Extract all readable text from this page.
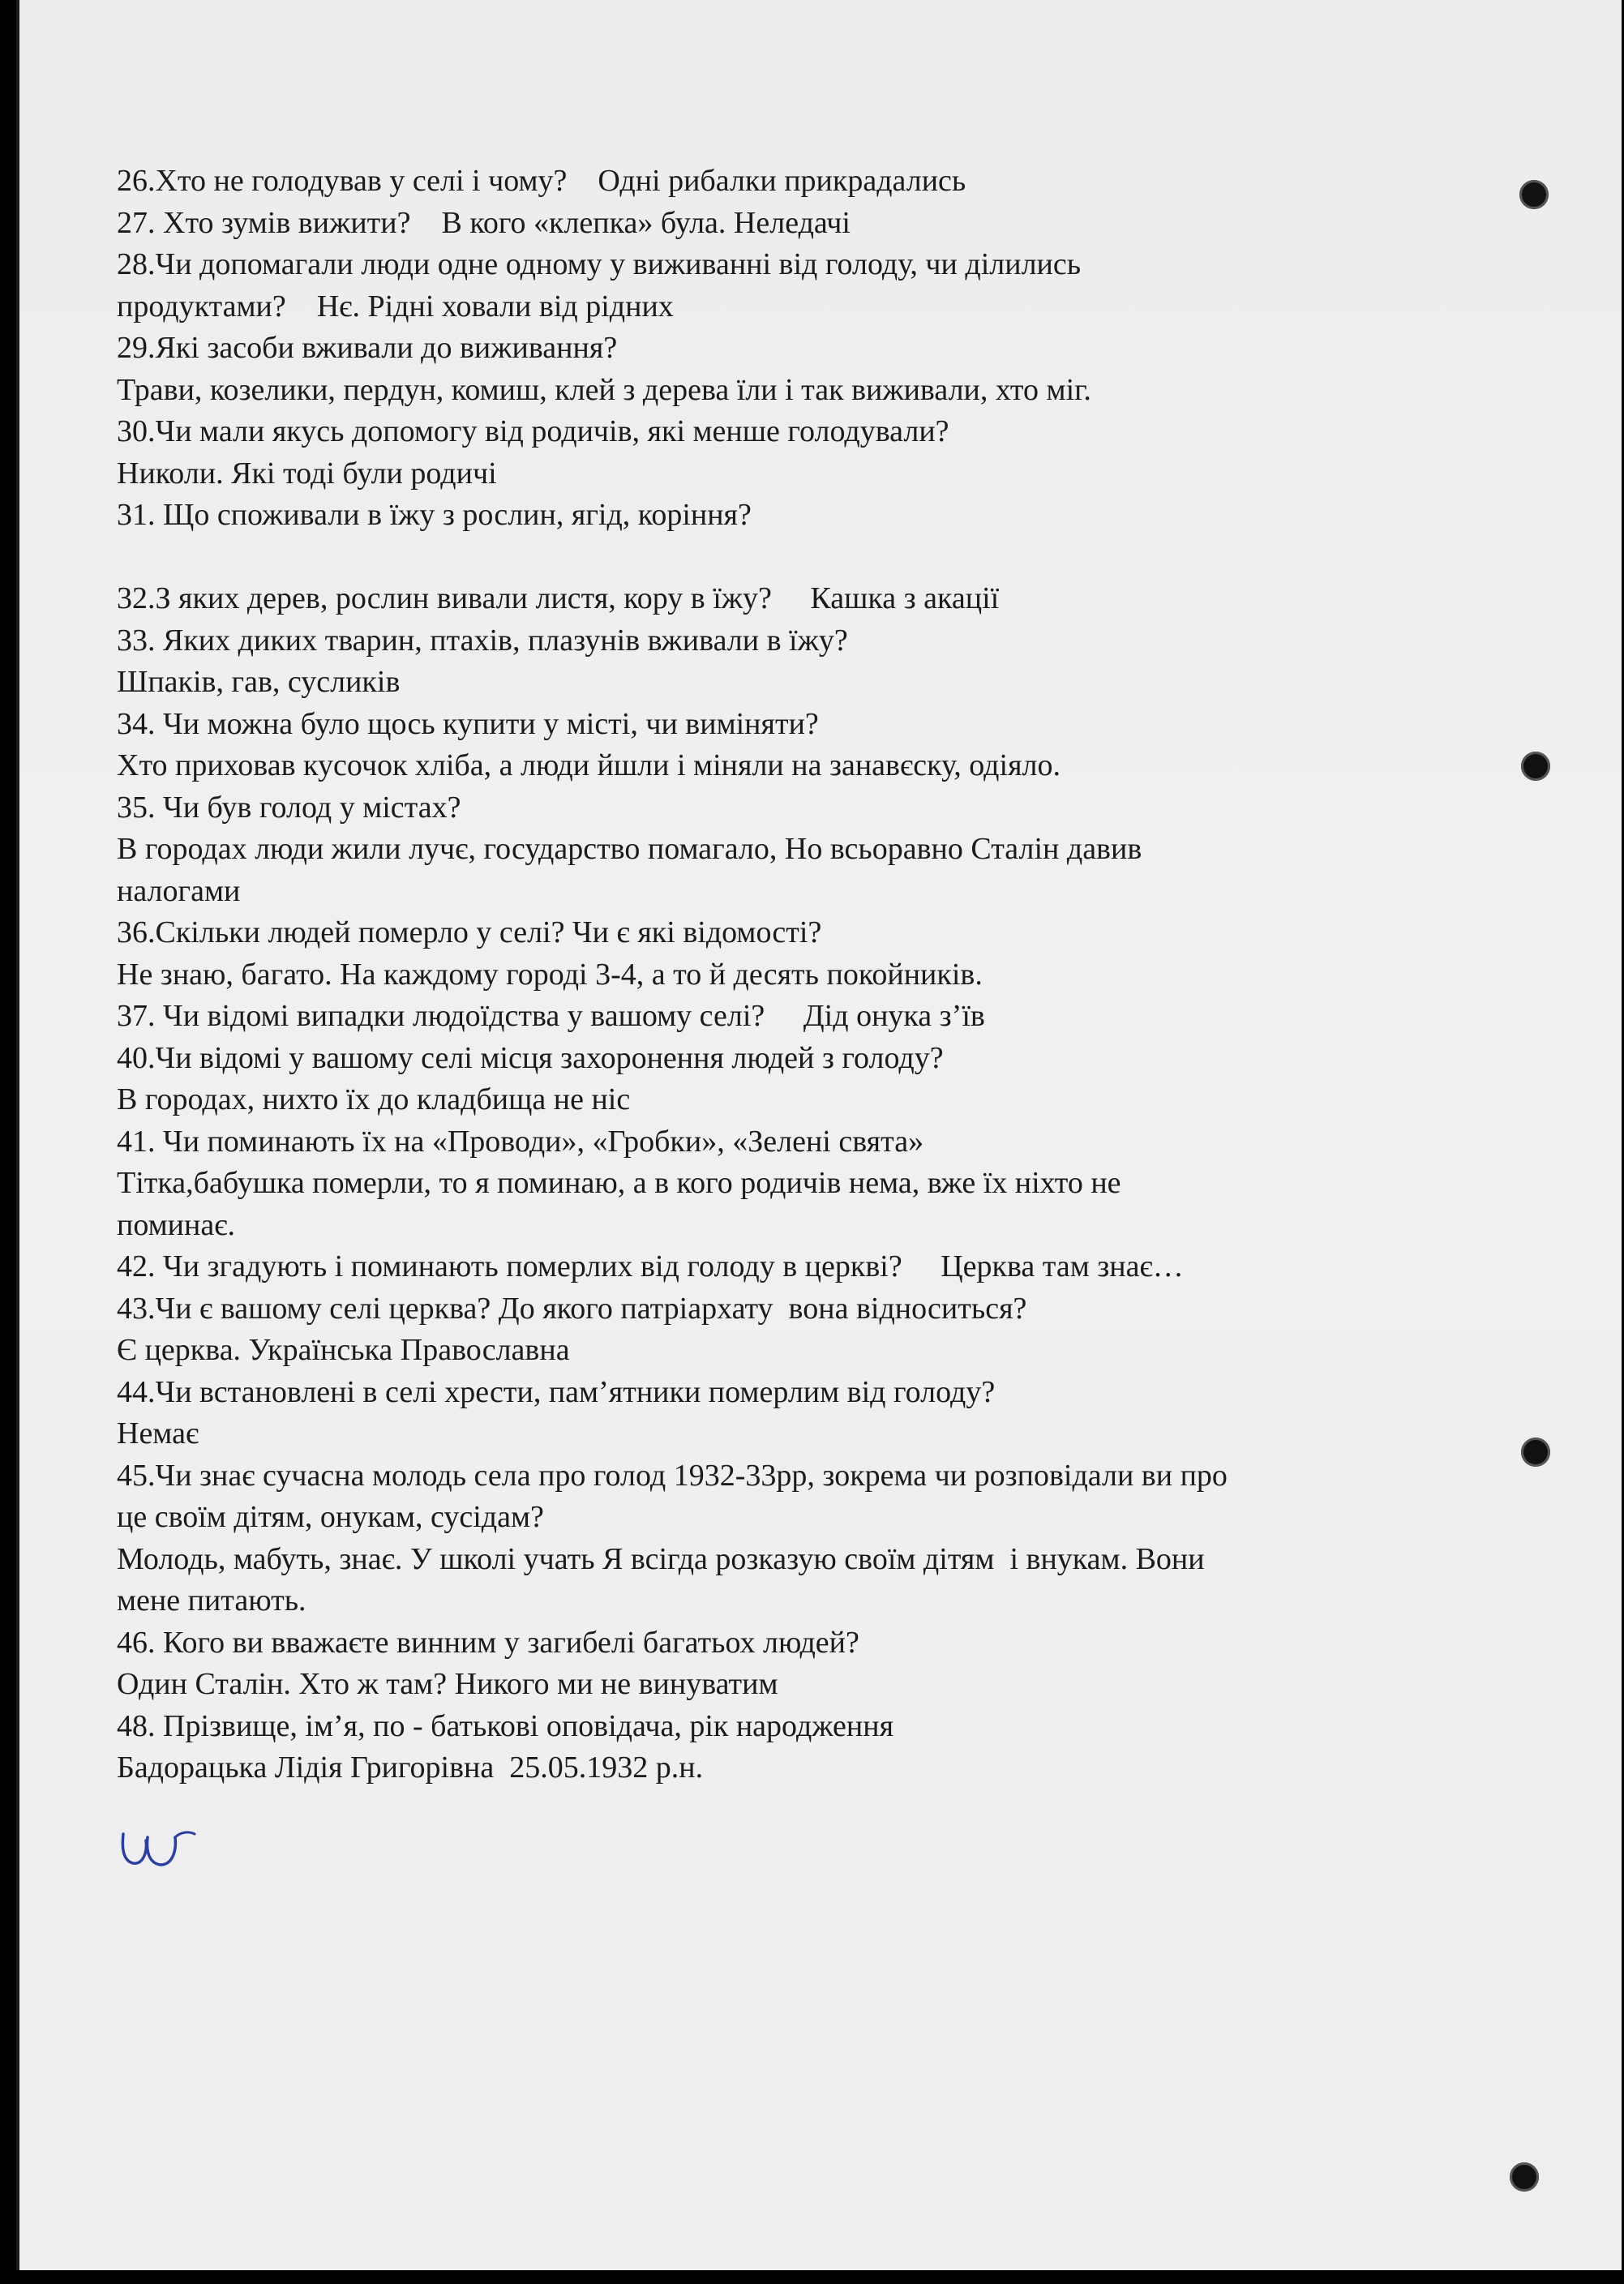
26.Хто не голодував у селі і чому?    Одні рибалки прикрадались
27. Хто зумів вижити?    В кого «клепка» була. Неледачі
28.Чи допомагали люди одне одному у виживанні від голоду, чи ділились
продуктами?    Нє. Рідні ховали від рідних
29.Які засоби вживали до виживання?
Трави, козелики, пердун, комиш, клей з дерева їли і так виживали, хто міг.
30.Чи мали якусь допомогу від родичів, які менше голодували?
Николи. Які тоді були родичі
31. Що споживали в їжу з рослин, ягід, коріння?
32.З яких дерев, рослин вивали листя, кору в їжу?     Кашка з акації
33. Яких диких тварин, птахів, плазунів вживали в їжу?
Шпаків, гав, сусликів
34. Чи можна було щось купити у місті, чи виміняти?
Хто приховав кусочок хліба, а люди йшли і міняли на занавєску, одіяло.
35. Чи був голод у містах?
В городах люди жили лучє, государство помагало, Но всьоравно Сталін давив
налогами
36.Скільки людей померло у селі? Чи є які відомості?
Не знаю, багато. На каждому городі 3-4, а то й десять покойників.
37. Чи відомі випадки людоїдства у вашому селі?     Дід онука з’їв
40.Чи відомі у вашому селі місця захоронення людей з голоду?
В городах, нихто їх до кладбища не ніс
41. Чи поминають їх на «Проводи», «Гробки», «Зелені свята»
Тітка,бабушка померли, то я поминаю, а в кого родичів нема, вже їх ніхто не
поминає.
42. Чи згадують і поминають померлих від голоду в церкві?     Церква там знає…
43.Чи є вашому селі церква? До якого патріархату  вона відноситься?
Є церква. Українська Православна
44.Чи встановлені в селі хрести, пам’ятники померлим від голоду?
Немає
45.Чи знає сучасна молодь села про голод 1932-33рр, зокрема чи розповідали ви про
це своїм дітям, онукам, сусідам?
Молодь, мабуть, знає. У школі учать Я всігда розказую своїм дітям  і внукам. Вони
мене питають.
46. Кого ви вважаєте винним у загибелі багатьох людей?
Один Сталін. Хто ж там? Никого ми не винуватим
48. Прізвище, ім’я, по - батькові оповідача, рік народження
Бадорацька Лідія Григорівна  25.05.1932 р.н.
